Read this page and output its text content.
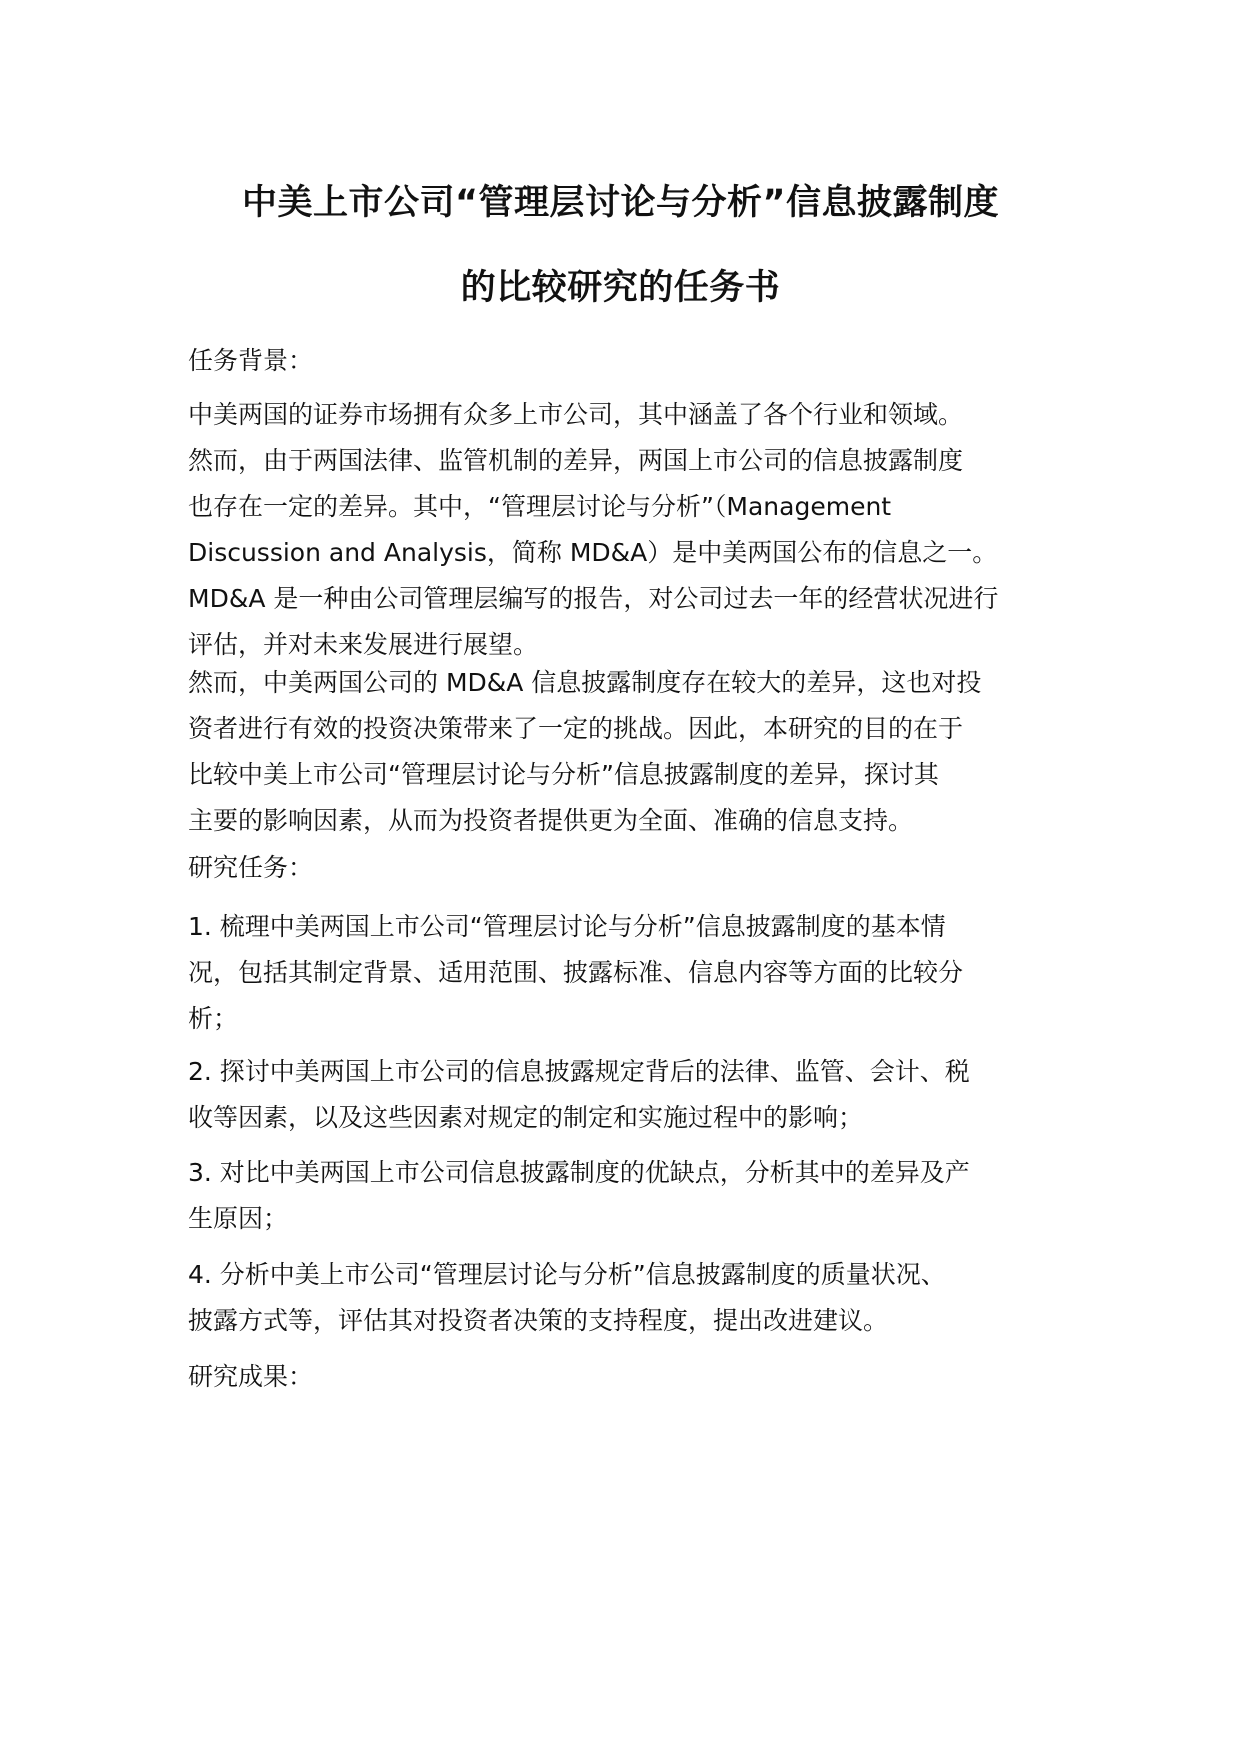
中美上市公司“管理层讨论与分析”信息披露制度
的比较研究的任务书
任务背景：
中美两国的证券市场拥有众多上市公司，其中涵盖了各个行业和领域。
然而，由于两国法律、监管机制的差异，两国上市公司的信息披露制度
也存在一定的差异。其中，“管理层讨论与分析”（Management
Discussion and Analysis，简称 MD&A）是中美两国公布的信息之一。
MD&A 是一种由公司管理层编写的报告，对公司过去一年的经营状况进行
评估，并对未来发展进行展望。
然而，中美两国公司的 MD&A 信息披露制度存在较大的差异，这也对投
资者进行有效的投资决策带来了一定的挑战。因此，本研究的目的在于
比较中美上市公司“管理层讨论与分析”信息披露制度的差异，探讨其
主要的影响因素，从而为投资者提供更为全面、准确的信息支持。
研究任务：
1. 梳理中美两国上市公司“管理层讨论与分析”信息披露制度的基本情
况，包括其制定背景、适用范围、披露标准、信息内容等方面的比较分
析；
2. 探讨中美两国上市公司的信息披露规定背后的法律、监管、会计、税
收等因素，以及这些因素对规定的制定和实施过程中的影响；
3. 对比中美两国上市公司信息披露制度的优缺点，分析其中的差异及产
生原因；
4. 分析中美上市公司“管理层讨论与分析”信息披露制度的质量状况、
披露方式等，评估其对投资者决策的支持程度，提出改进建议。
研究成果：
